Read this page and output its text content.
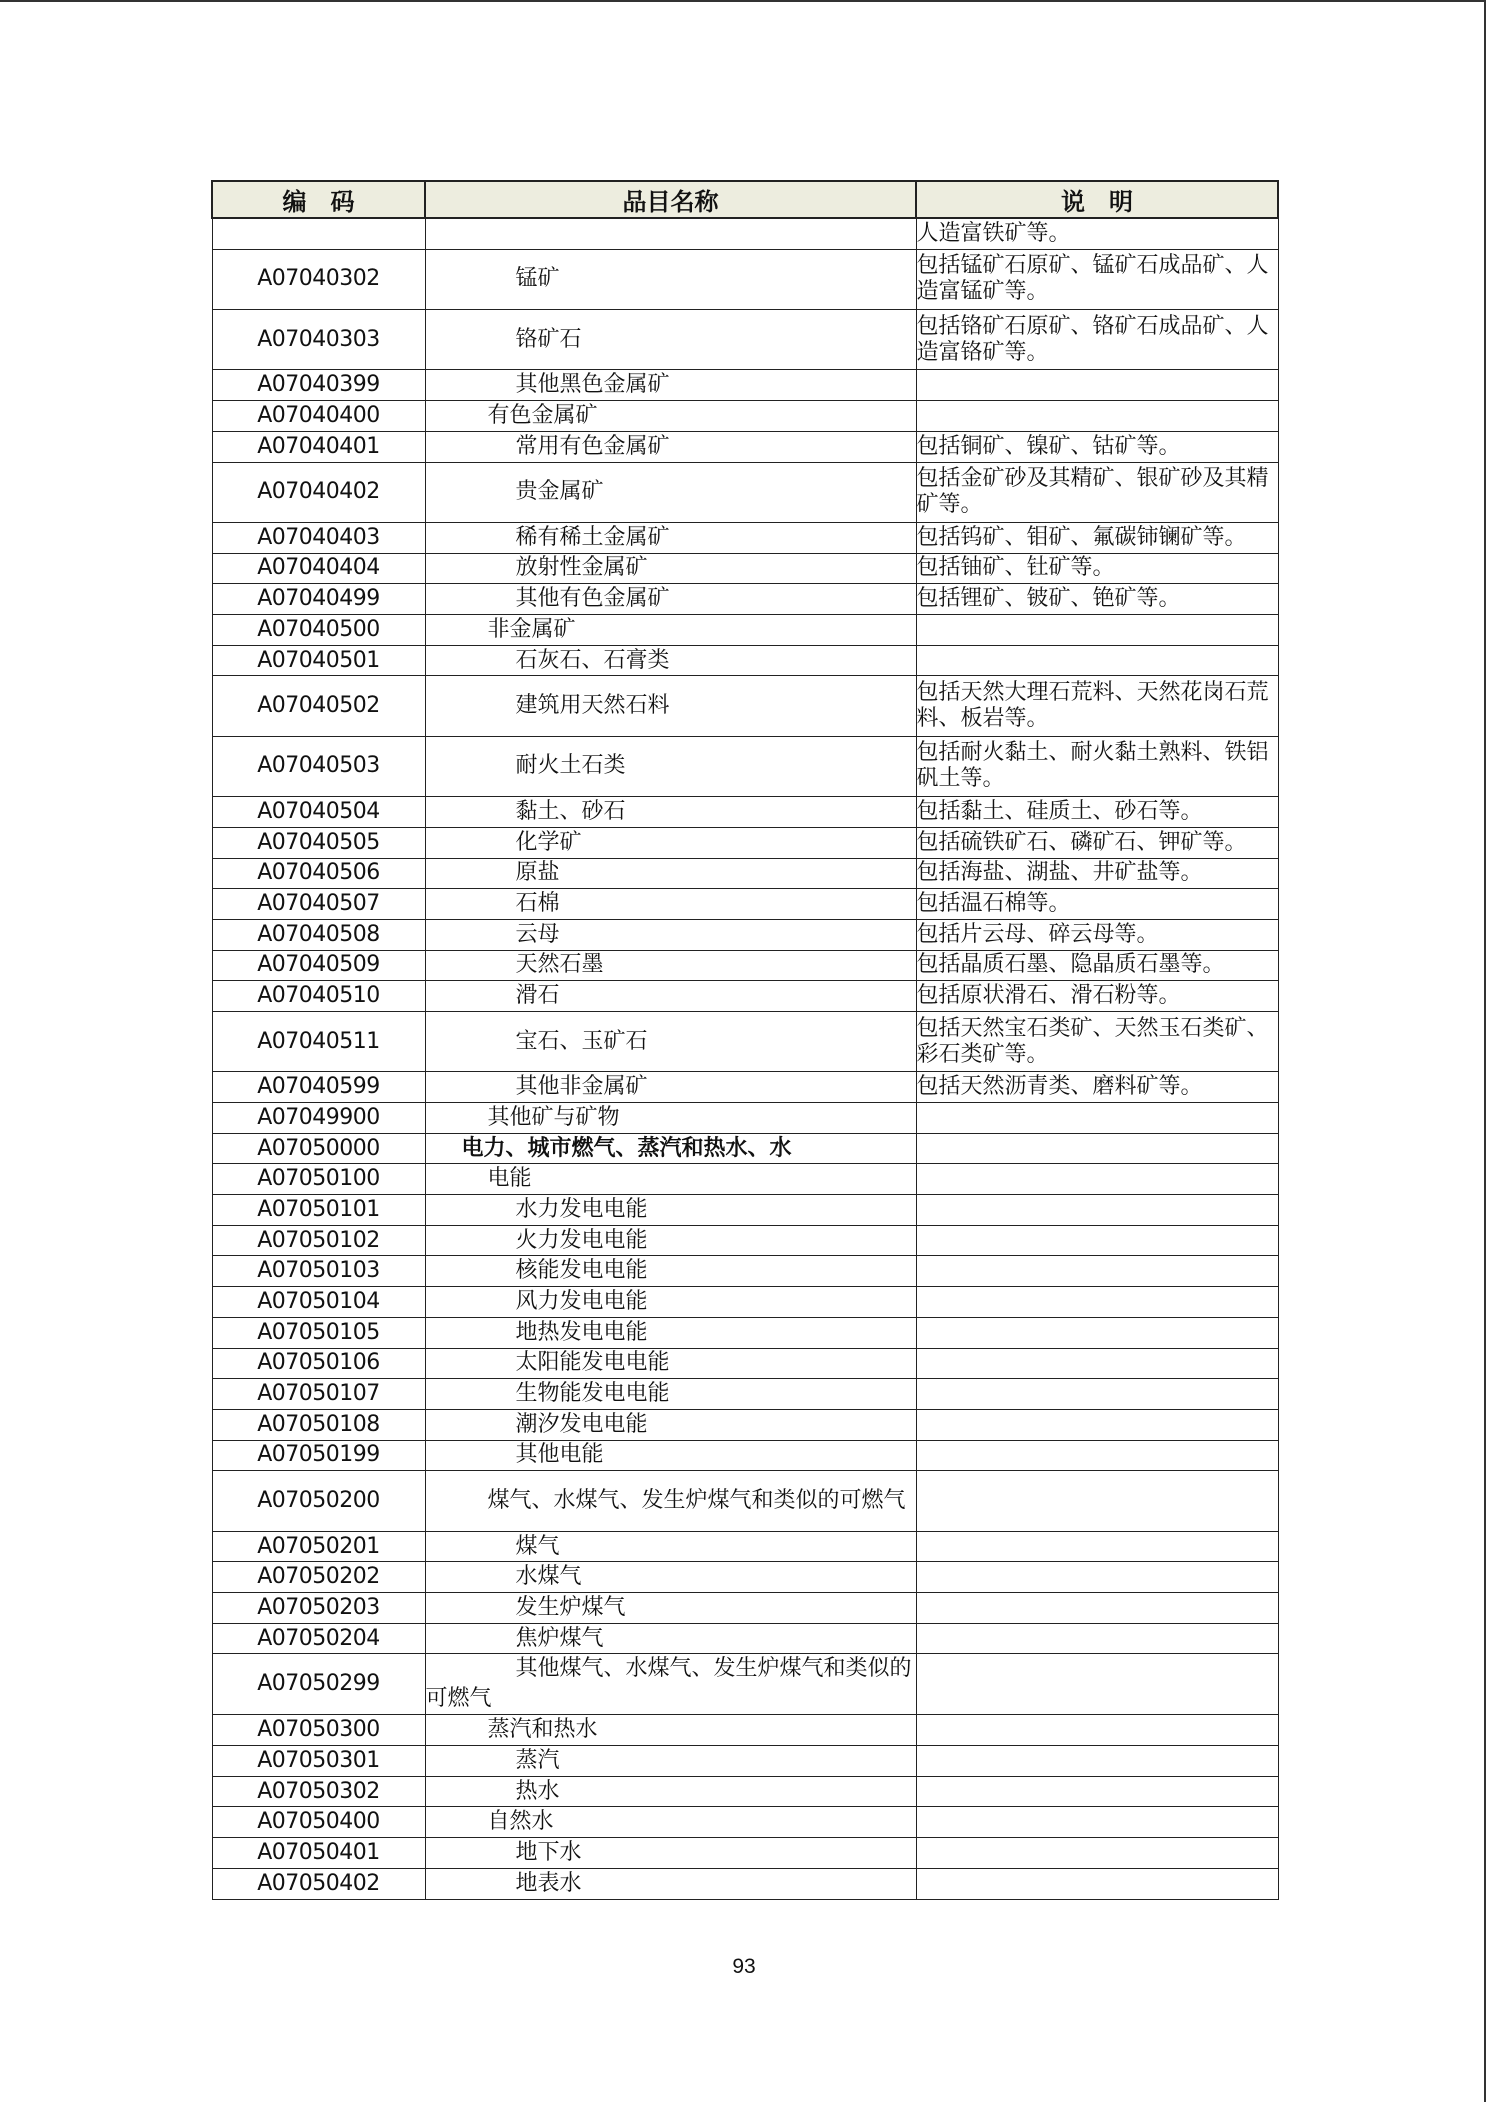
编　码	品目名称	说　明
		人造富铁矿等。
A07040302	锰矿	包括锰矿石原矿、锰矿石成品矿、人造富锰矿等。
A07040303	铬矿石	包括铬矿石原矿、铬矿石成品矿、人造富铬矿等。
A07040399	其他黑色金属矿	
A07040400	有色金属矿	
A07040401	常用有色金属矿	包括铜矿、镍矿、钴矿等。
A07040402	贵金属矿	包括金矿砂及其精矿、银矿砂及其精矿等。
A07040403	稀有稀土金属矿	包括钨矿、钼矿、氟碳铈镧矿等。
A07040404	放射性金属矿	包括铀矿、钍矿等。
A07040499	其他有色金属矿	包括锂矿、铍矿、铯矿等。
A07040500	非金属矿	
A07040501	石灰石、石膏类	
A07040502	建筑用天然石料	包括天然大理石荒料、天然花岗石荒料、板岩等。
A07040503	耐火土石类	包括耐火黏土、耐火黏土熟料、铁铝矾土等。
A07040504	黏土、砂石	包括黏土、硅质土、砂石等。
A07040505	化学矿	包括硫铁矿石、磷矿石、钾矿等。
A07040506	原盐	包括海盐、湖盐、井矿盐等。
A07040507	石棉	包括温石棉等。
A07040508	云母	包括片云母、碎云母等。
A07040509	天然石墨	包括晶质石墨、隐晶质石墨等。
A07040510	滑石	包括原状滑石、滑石粉等。
A07040511	宝石、玉矿石	包括天然宝石类矿、天然玉石类矿、彩石类矿等。
A07040599	其他非金属矿	包括天然沥青类、磨料矿等。
A07049900	其他矿与矿物	
A07050000	电力、城市燃气、蒸汽和热水、水	
A07050100	电能	
A07050101	水力发电电能	
A07050102	火力发电电能	
A07050103	核能发电电能	
A07050104	风力发电电能	
A07050105	地热发电电能	
A07050106	太阳能发电电能	
A07050107	生物能发电电能	
A07050108	潮汐发电电能	
A07050199	其他电能	
A07050200	煤气、水煤气、发生炉煤气和类似的可燃气	
A07050201	煤气	
A07050202	水煤气	
A07050203	发生炉煤气	
A07050204	焦炉煤气	
A07050299	其他煤气、水煤气、发生炉煤气和类似的可燃气	
A07050300	蒸汽和热水	
A07050301	蒸汽	
A07050302	热水	
A07050400	自然水	
A07050401	地下水	
A07050402	地表水	
93
